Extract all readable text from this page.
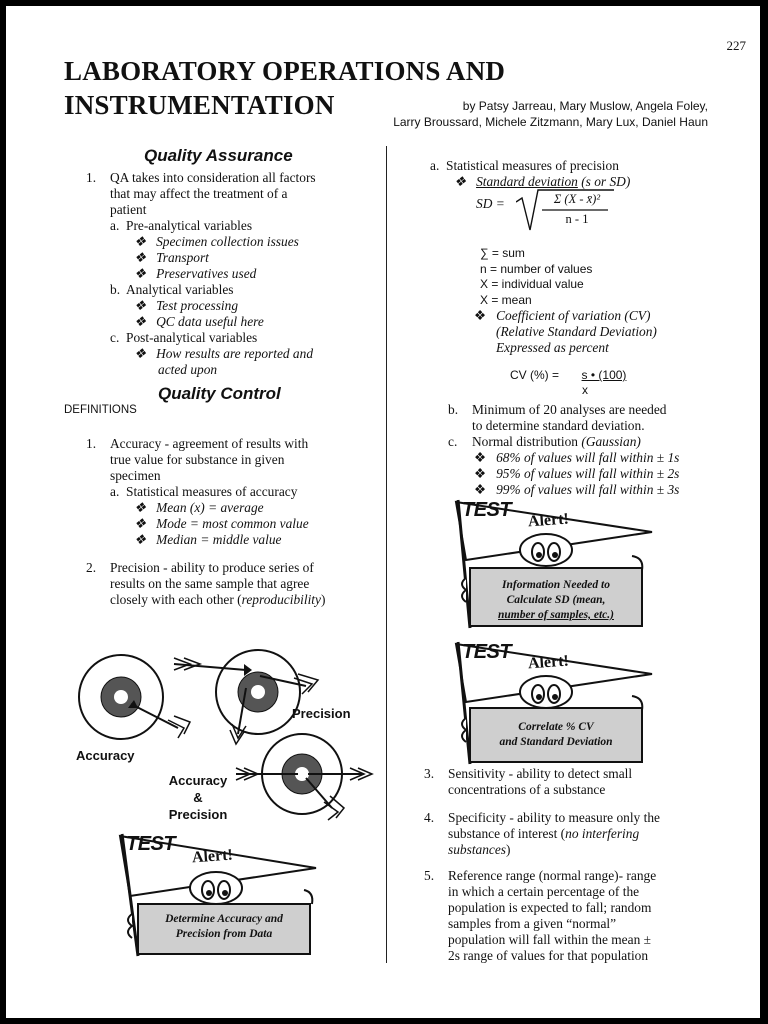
227
LABORATORY OPERATIONS AND
INSTRUMENTATION	by Patsy Jarreau, Mary Muslow, Angela Foley,
Larry Broussard, Michele Zitzmann, Mary Lux, Daniel Haun
Quality Assurance
1. QA takes into consideration all factors
that may affect the treatment of a
patient
a. Pre-analytical variables
❖ Specimen collection issues
❖ Transport
❖ Preservatives used
b. Analytical variables
❖ Test processing
❖ QC data useful here
c. Post-analytical variables
❖ How results are reported and
acted upon
Quality Control
DEFINITIONS
1. Accuracy - agreement of results with
true value for substance in given
specimen
a. Statistical measures of accuracy
❖ Mean (x) = average
❖ Mode = most common value
❖ Median = middle value
2. Precision - ability to produce series of
results on the same sample that agree
closely with each other (reproducibility)
Accuracy
Precision
Accuracy
&
Precision
TEST
Alert!
Determine Accuracy and
Precision from Data
a. Statistical measures of precision
❖ Standard deviation (s or SD)
SD =	Σ (X - x̄)²
n - 1
∑ = sum
n = number of values
X = individual value
X = mean
❖ Coefficient of variation (CV)
(Relative Standard Deviation)
Expressed as percent
CV (%) =	s • (100)
x
b. Minimum of 20 analyses are needed
to determine standard deviation.
c. Normal distribution (Gaussian)
❖ 68% of values will fall within ± 1s
❖ 95% of values will fall within ± 2s
❖ 99% of values will fall within ± 3s
TEST Alert!
Information Needed to
Calculate SD (mean,
number of samples, etc.)
TEST Alert!
Correlate % CV
and Standard Deviation
3. Sensitivity - ability to detect small
concentrations of a substance
4. Specificity - ability to measure only the
substance of interest (no interfering
substances)
5. Reference range (normal range)- range
in which a certain percentage of the
population is expected to fall; random
samples from a given “normal”
population will fall within the mean ±
2s range of values for that population
